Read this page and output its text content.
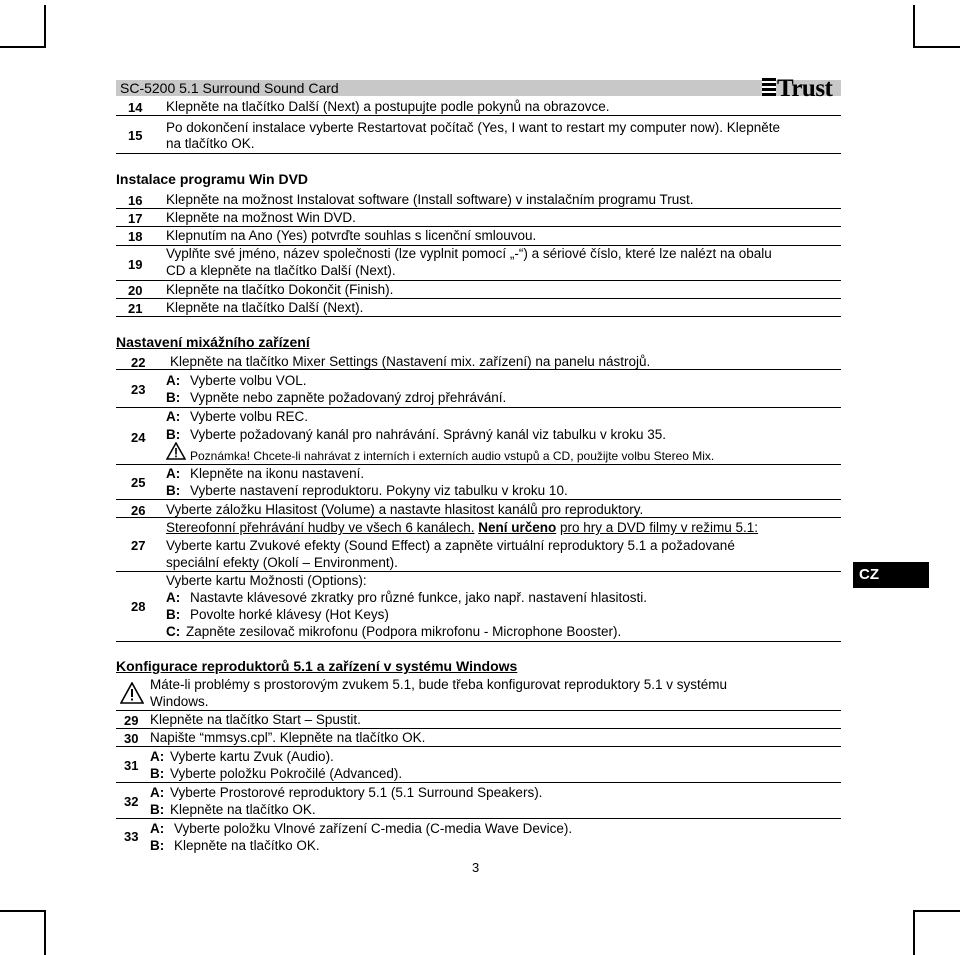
SC-5200 5.1 Surround Sound Card	Trust
14 Klepněte na tlačítko Další (Next) a postupujte podle pokynů na obrazovce.
15
Po dokončení instalace vyberte Restartovat počítač (Yes, I want to restart my computer now). Klepněte
na tlačítko OK.
Instalace programu Win DVD
16 Klepněte na možnost Instalovat software (Install software) v instalačním programu Trust.
17 Klepněte na možnost Win DVD.
18 Klepnutím na Ano (Yes) potvrďte souhlas s licenční smlouvou.
19
Vyplňte své jméno, název společnosti (lze vyplnit pomocí „-“) a sériové číslo, které lze nalézt na obalu
CD a klepněte na tlačítko Další (Next).
20 Klepněte na tlačítko Dokončit (Finish).
21 Klepněte na tlačítko Další (Next).
Nastavení mixážního zařízení
22 Klepněte na tlačítko Mixer Settings (Nastavení mix. zařízení) na panelu nástrojů.
23
A: Vyberte volbu VOL.
B: Vypněte nebo zapněte požadovaný zdroj přehrávání.
24
A: Vyberte volbu REC.
B: Vyberte požadovaný kanál pro nahrávání. Správný kanál viz tabulku v kroku 35.
Poznámka! Chcete-li nahrávat z interních i externích audio vstupů a CD, použijte volbu Stereo Mix.
25
A: Klepněte na ikonu nastavení.
B: Vyberte nastavení reproduktoru. Pokyny viz tabulku v kroku 10.
26 Vyberte záložku Hlasitost (Volume) a nastavte hlasitost kanálů pro reproduktory.
27
Stereofonní přehrávání hudby ve všech 6 kanálech. Není určeno pro hry a DVD filmy v režimu 5.1:
Vyberte kartu Zvukové efekty (Sound Effect) a zapněte virtuální reproduktory 5.1 a požadované
speciální efekty (Okolí – Environment).
28
Vyberte kartu Možnosti (Options):
A: Nastavte klávesové zkratky pro různé funkce, jako např. nastavení hlasitosti.
B: Povolte horké klávesy (Hot Keys)
C: Zapněte zesilovač mikrofonu (Podpora mikrofonu - Microphone Booster).
Konfigurace reproduktorů 5.1 a zařízení v systému Windows
Máte-li problémy s prostorovým zvukem 5.1, bude třeba konfigurovat reproduktory 5.1 v systému
Windows.
29 Klepněte na tlačítko Start – Spustit.
30 Napište “mmsys.cpl”. Klepněte na tlačítko OK.
31
A: Vyberte kartu Zvuk (Audio).
B: Vyberte položku Pokročilé (Advanced).
32
A: Vyberte Prostorové reproduktory 5.1 (5.1 Surround Speakers).
B: Klepněte na tlačítko OK.
33
A: Vyberte položku Vlnové zařízení C-media (C-media Wave Device).
B: Klepněte na tlačítko OK.
CZ
3
